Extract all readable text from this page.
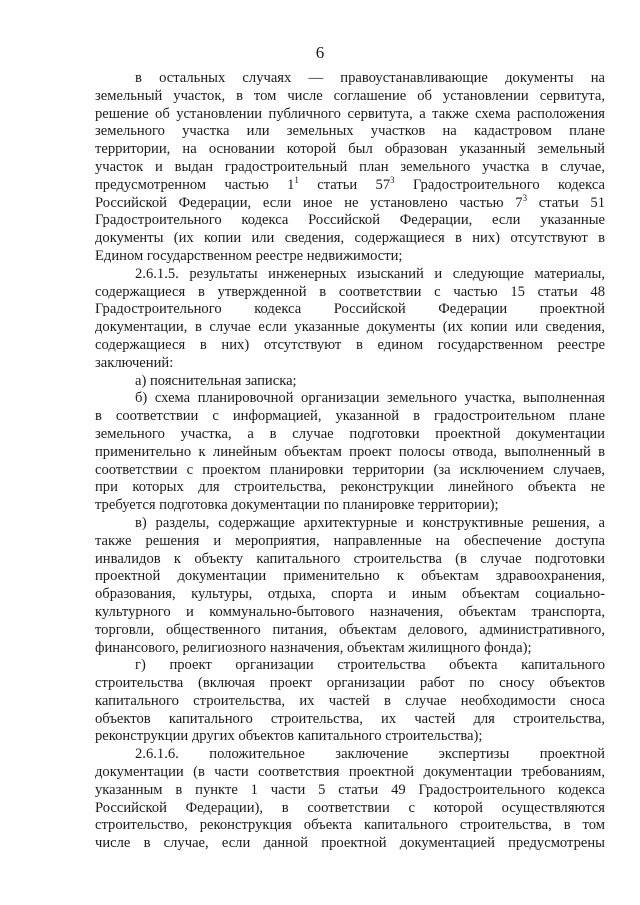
6
в остальных случаях — правоустанавливающие документы на
земельный участок, в том числе соглашение об установлении сервитута,
решение об установлении публичного сервитута, а также схема расположения
земельного участка или земельных участков на кадастровом плане
территории, на основании которой был образован указанный земельный
участок и выдан градостроительный план земельного участка в случае,
предусмотренном частью $1^1$ статьи $57^3$ Градостроительного кодекса
Российской Федерации, если иное не установлено частью $7^3$ статьи 51
Градостроительного кодекса Российской Федерации, если указанные
документы (их копии или сведения, содержащиеся в них) отсутствуют в
Едином государственном реестре недвижимости;
2.6.1.5. результаты инженерных изысканий и следующие материалы,
содержащиеся в утвержденной в соответствии с частью 15 статьи 48
Градостроительного кодекса Российской Федерации проектной
документации, в случае если указанные документы (их копии или сведения,
содержащиеся в них) отсутствуют в едином государственном реестре
заключений:
а) пояснительная записка;
б) схема планировочной организации земельного участка, выполненная
в соответствии с информацией, указанной в градостроительном плане
земельного участка, а в случае подготовки проектной документации
применительно к линейным объектам проект полосы отвода, выполненный в
соответствии с проектом планировки территории (за исключением случаев,
при которых для строительства, реконструкции линейного объекта не
требуется подготовка документации по планировке территории);
в) разделы, содержащие архитектурные и конструктивные решения, а
также решения и мероприятия, направленные на обеспечение доступа
инвалидов к объекту капитального строительства (в случае подготовки
проектной документации применительно к объектам здравоохранения,
образования, культуры, отдыха, спорта и иным объектам социально-
культурного и коммунально-бытового назначения, объектам транспорта,
торговли, общественного питания, объектам делового, административного,
финансового, религиозного назначения, объектам жилищного фонда);
г) проект организации строительства объекта капитального
строительства (включая проект организации работ по сносу объектов
капитального строительства, их частей в случае необходимости сноса
объектов капитального строительства, их частей для строительства,
реконструкции других объектов капитального строительства);
2.6.1.6. положительное заключение экспертизы проектной
документации (в части соответствия проектной документации требованиям,
указанным в пункте 1 части 5 статьи 49 Градостроительного кодекса
Российской Федерации), в соответствии с которой осуществляются
строительство, реконструкция объекта капитального строительства, в том
числе в случае, если данной проектной документацией предусмотрены
